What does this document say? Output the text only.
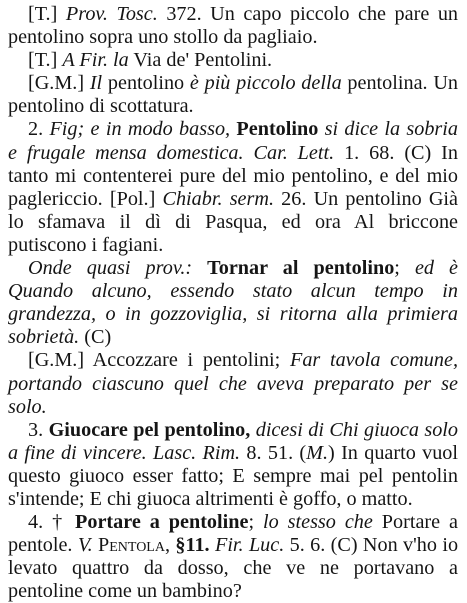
[T.] Prov. Tosc. 372. Un capo piccolo che pare un pentolino sopra uno stollo da pagliaio.

[T.] A Fir. la Via de' Pentolini.

[G.M.] Il pentolino è più piccolo della pentolina. Un pentolino di scottatura.

2. Fig; e in modo basso, Pentolino si dice la sobria e frugale mensa domestica. Car. Lett. 1. 68. (C) In tanto mi contenterei pure del mio pentolino, e del mio paglericcio. [Pol.] Chiabr. serm. 26. Un pentolino Già lo sfamava il dì di Pasqua, ed ora Al briccone putiscono i fagiani.

Onde quasi prov.: Tornar al pentolino; ed è Quando alcuno, essendo stato alcun tempo in grandezza, o in gozzoviglia, si ritorna alla primiera sobrietà. (C)

[G.M.] Accozzare i pentolini; Far tavola comune, portando ciascuno quel che aveva preparato per se solo.

3. Giuocare pel pentolino, dicesi di Chi giuoca solo a fine di vincere. Lasc. Rim. 8. 51. (M.) In quarto vuol questo giuoco esser fatto; E sempre mai pel pentolin s'intende; E chi giuoca altrimenti è goffo, o matto.

4. † Portare a pentoline; lo stesso che Portare a pentole. V. Pentola, §11. Fir. Luc. 5. 6. (C) Non v'ho io levato quattro da dosso, che ve ne portavano a pentoline come un bambino?
